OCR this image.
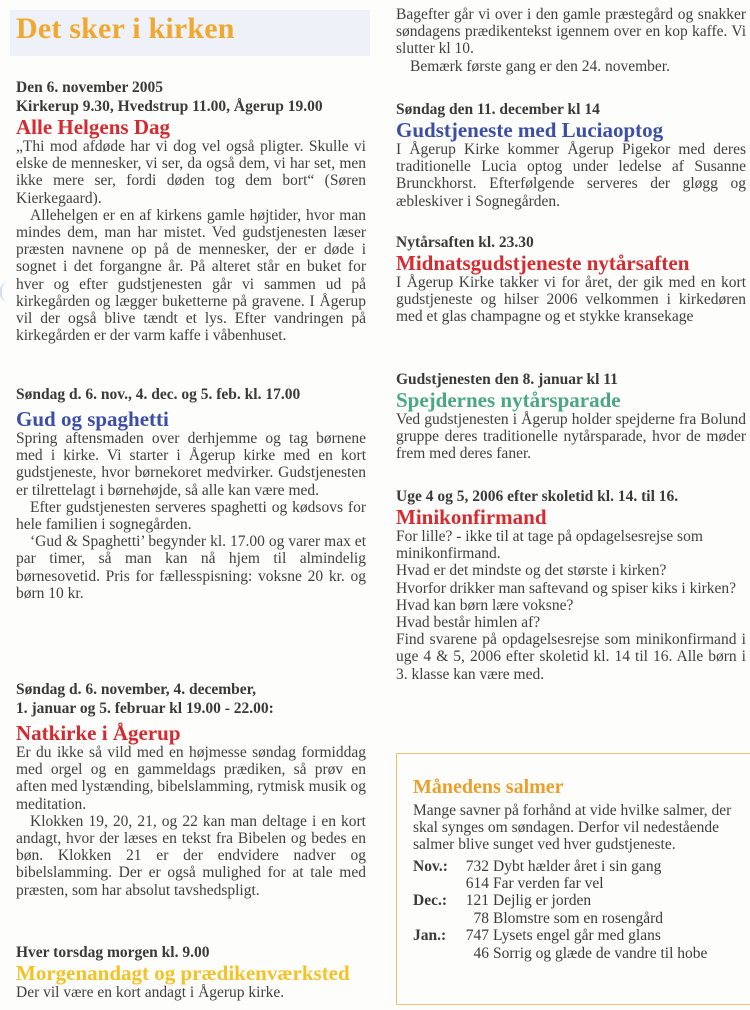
Det sker i kirken

Den 6. november 2005

Kirkerup 9.30, Hvedstrup 11.00, Ågerup 19.00

Alle Helgens Dag

„Thi mod afdøde har vi dog vel også pligter. Skulle vi elske de mennesker, vi ser, da også dem, vi har set, men ikke mere ser, fordi døden tog dem bort“ (Søren Kierkegaard).

Allehelgen er en af kirkens gamle højtider, hvor man mindes dem, man har mistet. Ved gudstjenesten læser præsten navnene op på de mennesker, der er døde i sognet i det forgangne år. På alteret står en buket for hver og efter gudstjenesten går vi sammen ud på kirkegården og lægger buketterne på gravene. I Ågerup vil der også blive tændt et lys. Efter vandringen på kirkegården er der varm kaffe i våbenhuset.

Søndag d. 6. nov., 4. dec. og 5. feb. kl. 17.00

Gud og spaghetti

Spring aftensmaden over derhjemme og tag børnene med i kirke. Vi starter i Ågerup kirke med en kort gudstjeneste, hvor børnekoret medvirker. Gudstjenesten er tilrettelagt i børnehøjde, så alle kan være med.

Efter gudstjenesten serveres spaghetti og kødsovs for hele familien i sognegården.

‘Gud & Spaghetti’ begynder kl. 17.00 og varer max et par timer, så man kan nå hjem til almindelig børnesovetid. Pris for fællesspisning: voksne 20 kr. og børn 10 kr.

Søndag d. 6. november, 4. december,

1. januar og 5. februar kl 19.00 - 22.00:

Natkirke i Ågerup

Er du ikke så vild med en højmesse søndag formiddag med orgel og en gammeldags prædiken, så prøv en aften med lystænding, bibelslamming, rytmisk musik og meditation.

Klokken 19, 20, 21, og 22 kan man deltage i en kort andagt, hvor der læses en tekst fra Bibelen og bedes en bøn. Klokken 21 er der endvidere nadver og bibelslamming. Der er også mulighed for at tale med præsten, som har absolut tavshedspligt.

Hver torsdag morgen kl. 9.00

Morgenandagt og prædikenværksted

Der vil være en kort andagt i Ågerup kirke.

Bagefter går vi over i den gamle præstegård og snakker søndagens prædikentekst igennem over en kop kaffe. Vi slutter kl 10.

Bemærk første gang er den 24. november.

Søndag den 11. december kl 14

Gudstjeneste med Luciaoptog

I Ågerup Kirke kommer Ågerup Pigekor med deres traditionelle Lucia optog under ledelse af Susanne Brunckhorst. Efterfølgende serveres der gløgg og æbleskiver i Sognegården.

Nytårsaften kl. 23.30

Midnatsgudstjeneste nytårsaften

I Ågerup Kirke takker vi for året, der gik med en kort gudstjeneste og hilser 2006 velkommen i kirkedøren med et glas champagne og et stykke kransekage

Gudstjenesten den 8. januar kl 11

Spejdernes nytårsparade

Ved gudstjenesten i Ågerup holder spejderne fra Bolund gruppe deres traditionelle nytårsparade, hvor de møder frem med deres faner.

Uge 4 og 5, 2006 efter skoletid kl. 14. til 16.

Minikonfirmand

For lille? - ikke til at tage på opdagelsesrejse som minikonfirmand.

Hvad er det mindste og det største i kirken?

Hvorfor drikker man saftevand og spiser kiks i kirken?

Hvad kan børn lære voksne?

Hvad består himlen af?

Find svarene på opdagelsesrejse som minikonfirmand i uge 4 & 5, 2006 efter skoletid kl. 14 til 16. Alle børn i 3. klasse kan være med.

Månedens salmer

Mange savner på forhånd at vide hvilke salmer, der skal synges om søndagen. Derfor vil nedestående salmer blive sunget ved hver gudstjeneste.

Nov.:	732 Dybt hælder året i sin gang
614 Far verden far vel
Dec.:	121 Dejlig er jorden
78 Blomstre som en rosengård
Jan.:	747 Lysets engel går med glans
46 Sorrig og glæde de vandre til hobe
